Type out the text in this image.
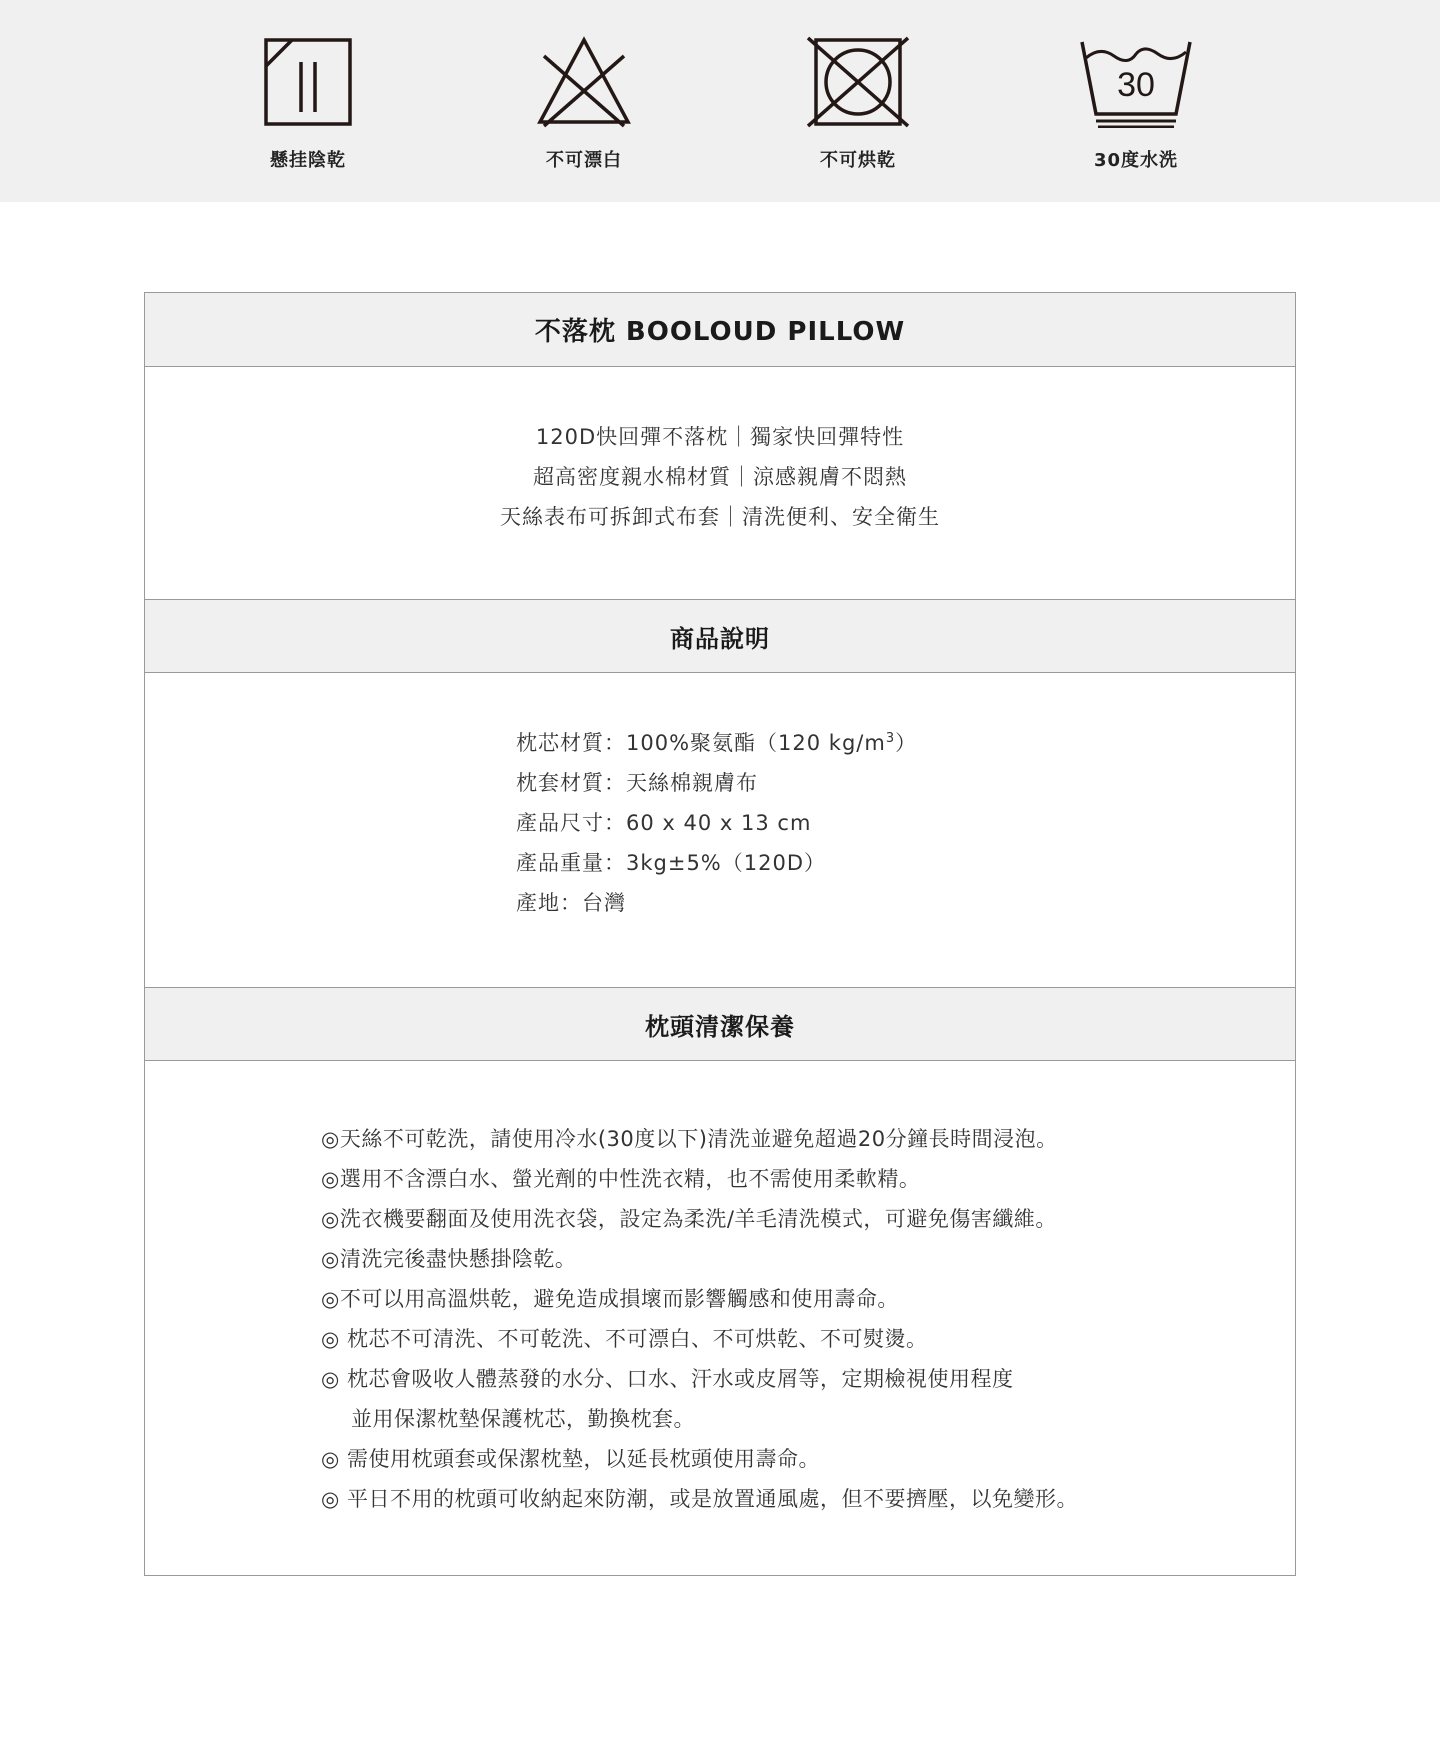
懸挂陰乾	不可漂白	不可烘乾
30
30度水洗
不落枕 BOOLOUD PILLOW

120D快回彈不落枕｜獨家快回彈特性

超高密度親水棉材質｜涼感親膚不悶熱

天絲表布可拆卸式布套｜清洗便利、安全衛生

商品說明

枕芯材質：100%聚氨酯（120 $kg/m^3$）

枕套材質：天絲棉親膚布

產品尺寸：60 x 40 x 13 cm

產品重量：3kg±5%（120D）

產地：台灣

枕頭清潔保養

◎天絲不可乾洗，請使用冷水(30度以下)清洗並避免超過20分鐘長時間浸泡。

◎選用不含漂白水、螢光劑的中性洗衣精，也不需使用柔軟精。

◎洗衣機要翻面及使用洗衣袋，設定為柔洗/羊毛清洗模式，可避免傷害纖維。

◎清洗完後盡快懸掛陰乾。

◎不可以用高溫烘乾，避免造成損壞而影響觸感和使用壽命。

◎ 枕芯不可清洗、不可乾洗、不可漂白、不可烘乾、不可熨燙。

◎ 枕芯會吸收人體蒸發的水分、口水、汗水或皮屑等，定期檢視使用程度

並用保潔枕墊保護枕芯，勤換枕套。

◎ 需使用枕頭套或保潔枕墊，以延長枕頭使用壽命。

◎ 平日不用的枕頭可收納起來防潮，或是放置通風處，但不要擠壓，以免變形。
